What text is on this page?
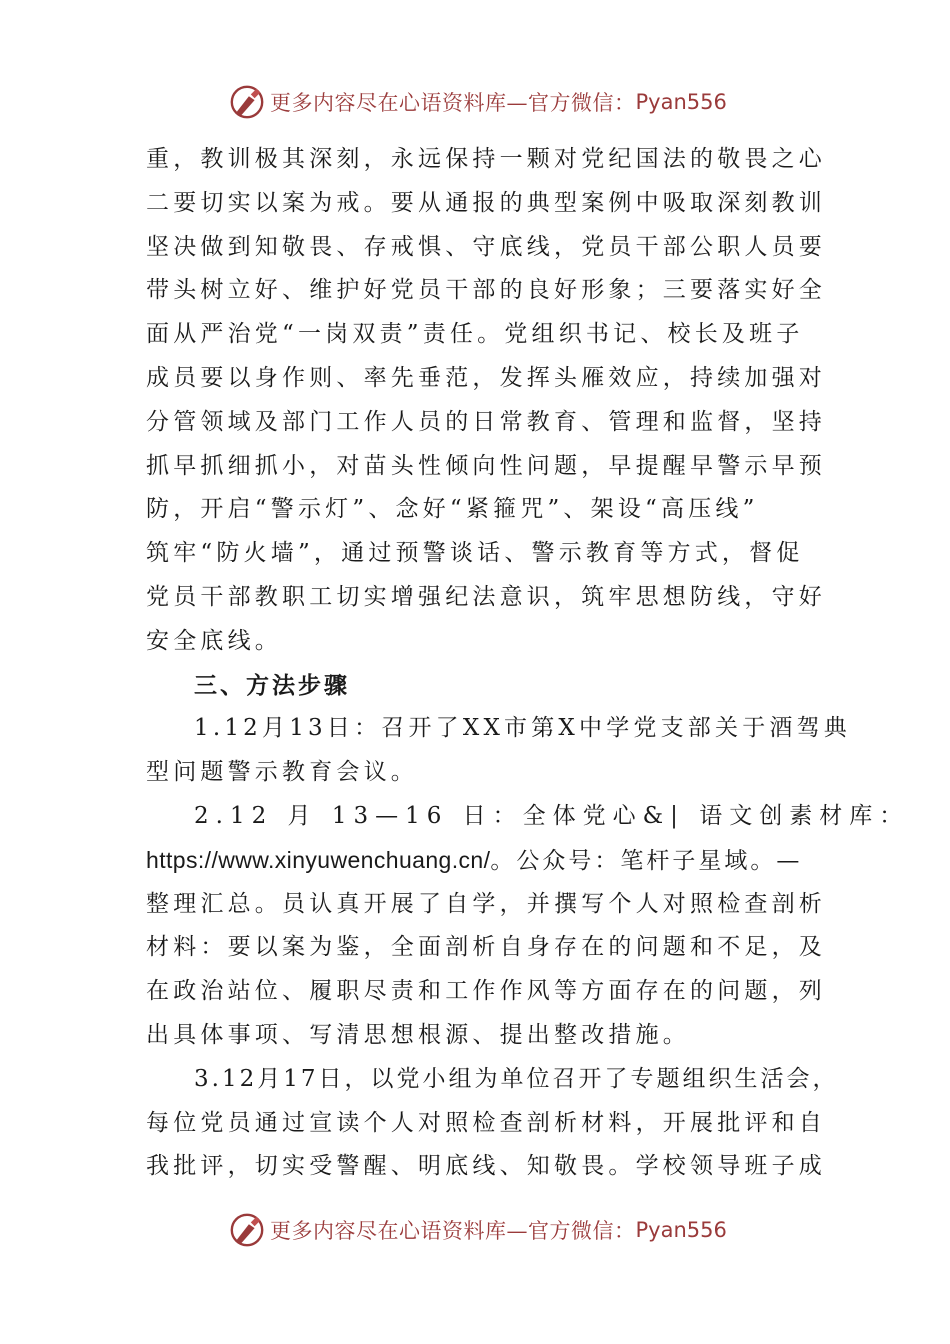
更多内容尽在心语资料库—官方微信： Pyan556
重，教训极其深刻，永远保持一颗对党纪国法的敬畏之心
二要切实以案为戒。要从通报的典型案例中吸取深刻教训
坚决做到知敬畏、存戒惧、守底线，党员干部公职人员要
带头树立好、维护好党员干部的良好形象；三要落实好全
面从严治党“一岗双责”责任。党组织书记、校长及班子
成员要以身作则、率先垂范，发挥头雁效应，持续加强对
分管领域及部门工作人员的日常教育、管理和监督，坚持
抓早抓细抓小，对苗头性倾向性问题，早提醒早警示早预
防，开启“警示灯”、念好“紧箍咒”、架设“高压线”
筑牢“防火墙”，通过预警谈话、警示教育等方式，督促
党员干部教职工切实增强纪法意识，筑牢思想防线，守好
安全底线。
三、方法步骤
1.12月13日：召开了XX市第X中学党支部关于酒驾典
型问题警示教育会议。
2.12 月 13—16 日：全体党心&| 语文创素材库：
https://www.xinyuwenchuang.cn/。公众号：笔杆子星域。—
整理汇总。员认真开展了自学，并撰写个人对照检查剖析
材料：要以案为鉴，全面剖析自身存在的问题和不足，及
在政治站位、履职尽责和工作作风等方面存在的问题，列
出具体事项、写清思想根源、提出整改措施。
3.12月17日，以党小组为单位召开了专题组织生活会，
每位党员通过宣读个人对照检查剖析材料，开展批评和自
我批评，切实受警醒、明底线、知敬畏。学校领导班子成
更多内容尽在心语资料库—官方微信： Pyan556
